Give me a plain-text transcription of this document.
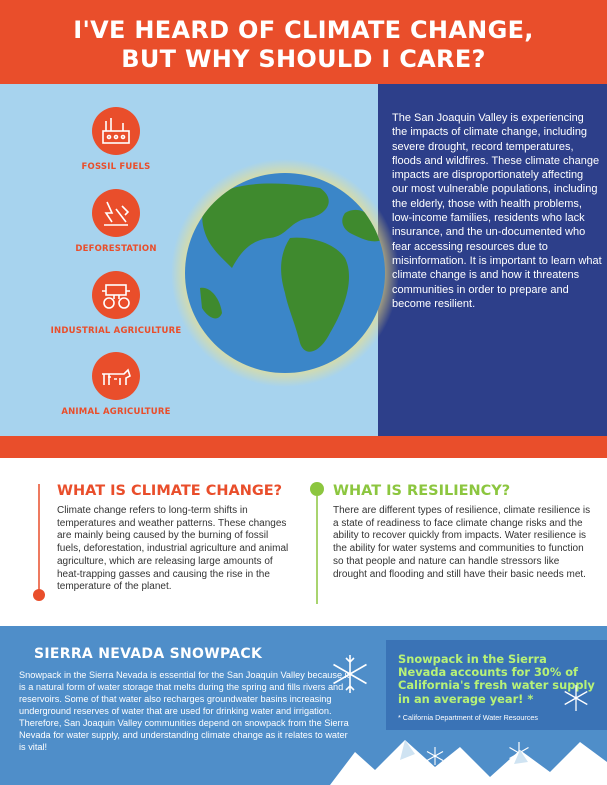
I'VE HEARD OF CLIMATE CHANGE,
BUT WHY SHOULD I CARE?
FOSSIL FUELS
DEFORESTATION
INDUSTRIAL AGRICULTURE
ANIMAL AGRICULTURE
The San Joaquin Valley is experiencing the impacts of climate change, including severe drought, record temperatures, floods and wildfires. These climate change impacts are disproportionately affecting our most vulnerable populations, including the elderly, those with health problems, low-income families, residents who lack insurance, and the un-documented who fear accessing resources due to misinformation. It is important to learn what climate change is and how it threatens communities in order to prepare and become resilient.
WHAT IS CLIMATE CHANGE?
Climate change refers to long-term shifts in temperatures and weather patterns. These changes are mainly being caused by the burning of fossil fuels, deforestation, industrial agriculture and animal agriculture, which are releasing large amounts of heat-trapping gasses and causing the rise in the temperature of the planet.
WHAT IS RESILIENCY?
There are different types of resilience, climate resilience is a state of readiness to face climate change risks and the ability to recover quickly from impacts. Water resilience is the ability for water systems and communities to function so that people and nature can handle stressors like drought and flooding and still have their basic needs met.
SIERRA NEVADA SNOWPACK
Snowpack in the Sierra Nevada is essential for the San Joaquin Valley because it is a natural form of water storage that melts during the spring and fills rivers and reservoirs. Some of that water also recharges groundwater basins increasing underground reserves of water that are used for drinking water and irrigation. Therefore, San Joaquin Valley communities depend on snowpack from the Sierra Nevada for water supply, and understanding climate change as it relates to water is vital!
Snowpack in the Sierra Nevada accounts for 30% of California's fresh water supply in an average year! *
* California Department of Water Resources
